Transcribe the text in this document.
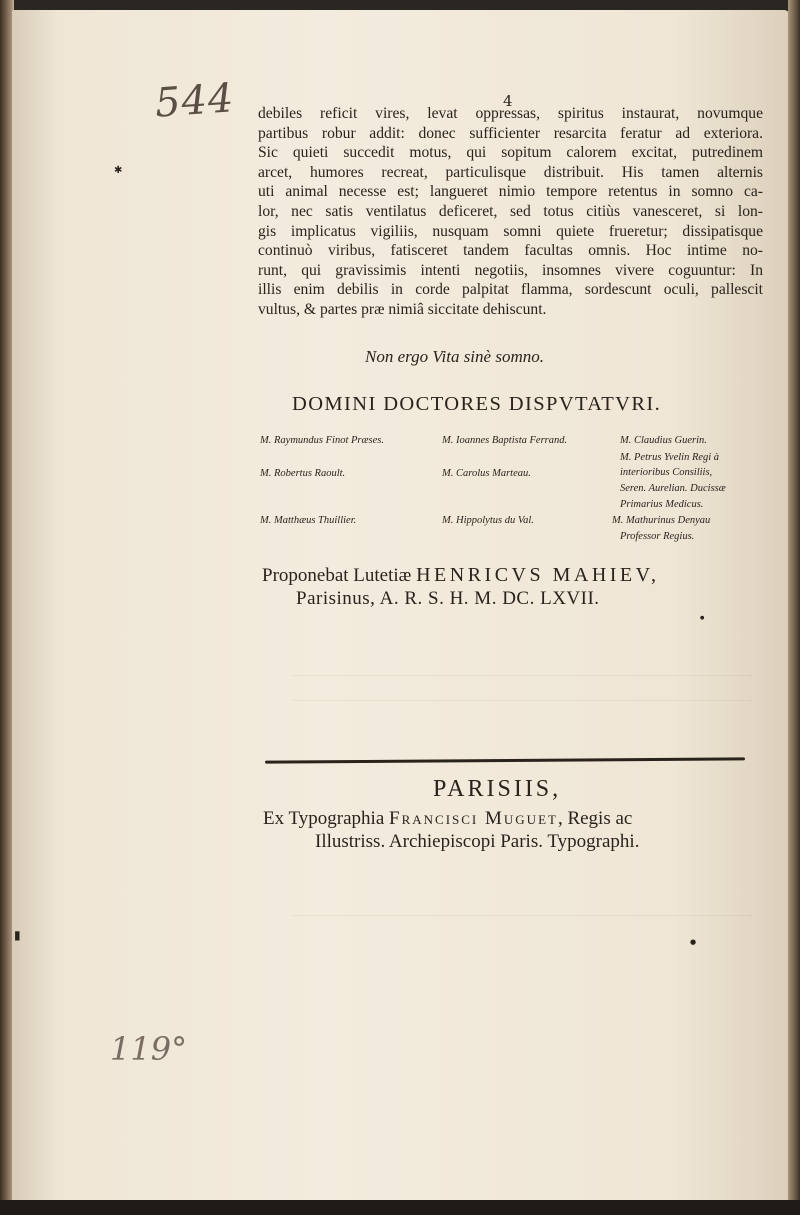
544	4
✱
▮	●
●
debiles reficit vires, levat oppressas, spiritus instaurat, novumque
partibus robur addit: donec sufficienter resarcita feratur ad exteriora.
Sic quieti succedit motus, qui sopitum calorem excitat, putredinem
arcet, humores recreat, particulisque distribuit. His tamen alternis
uti animal necesse est; langueret nimio tempore retentus in somno ca-
lor, nec satis ventilatus deficeret, sed totus citiùs vanesceret, si lon-
gis implicatus vigiliis, nusquam somni quiete frueretur; dissipatisque
continuò viribus, fatisceret tandem facultas omnis. Hoc intime no-
runt, qui gravissimis intenti negotiis, insomnes vivere coguuntur: In
illis enim debilis in corde palpitat flamma, sordescunt oculi, pallescit
vultus, & partes præ nimiâ siccitate dehiscunt.
Non ergo Vita sinè somno.
DOMINI DOCTORES DISPVTATVRI.
M. Raymundus Finot Præses.
M. Robertus Raoult.
M. Matthæus Thuillier.
M. Ioannes Baptista Ferrand.
M. Carolus Marteau.
M. Hippolytus du Val.
M. Claudius Guerin.
M. Petrus Yvelin Regi à
interioribus Consiliis,
Seren. Aurelian. Ducissæ
Primarius Medicus.
M. Mathurinus Denyau
Professor Regius.
Proponebat Lutetiæ HENRICVS MAHIEV,
Parisinus, A. R. S. H. M. DC. LXVII.
PARISIIS,
Ex Typographia Francisci Muguet, Regis ac
Illustriss. Archiepiscopi Paris. Typographi.
119°
